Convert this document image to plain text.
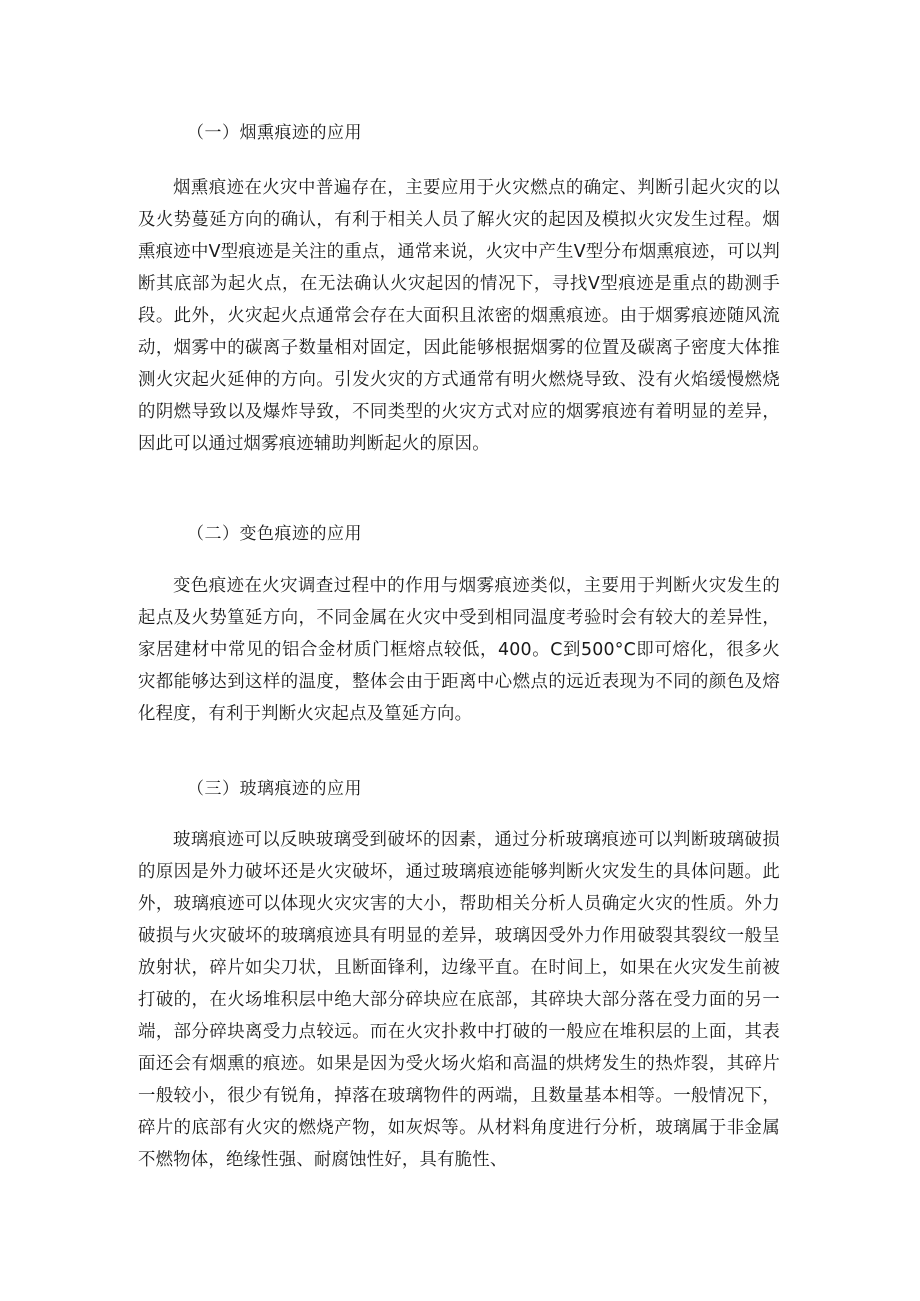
（一）烟熏痕迹的应用

烟熏痕迹在火灾中普遍存在，主要应用于火灾燃点的确定、判断引起火灾的以及火势蔓延方向的确认，有利于相关人员了解火灾的起因及模拟火灾发生过程。烟熏痕迹中V型痕迹是关注的重点，通常来说，火灾中产生V型分布烟熏痕迹，可以判断其底部为起火点，在无法确认火灾起因的情况下，寻找V型痕迹是重点的勘测手段。此外，火灾起火点通常会存在大面积且浓密的烟熏痕迹。由于烟雾痕迹随风流动，烟雾中的碳离子数量相对固定，因此能够根据烟雾的位置及碳离子密度大体推测火灾起火延伸的方向。引发火灾的方式通常有明火燃烧导致、没有火焰缓慢燃烧的阴燃导致以及爆炸导致，不同类型的火灾方式对应的烟雾痕迹有着明显的差异，因此可以通过烟雾痕迹辅助判断起火的原因。

（二）变色痕迹的应用

变色痕迹在火灾调查过程中的作用与烟雾痕迹类似，主要用于判断火灾发生的起点及火势篁延方向，不同金属在火灾中受到相同温度考验时会有较大的差异性，家居建材中常见的铝合金材质门框熔点较低，400。C到500°C即可熔化，很多火灾都能够达到这样的温度，整体会由于距离中心燃点的远近表现为不同的颜色及熔化程度，有利于判断火灾起点及篁延方向。

（三）玻璃痕迹的应用

玻璃痕迹可以反映玻璃受到破坏的因素，通过分析玻璃痕迹可以判断玻璃破损的原因是外力破坏还是火灾破坏，通过玻璃痕迹能够判断火灾发生的具体问题。此外，玻璃痕迹可以体现火灾灾害的大小，帮助相关分析人员确定火灾的性质。外力破损与火灾破坏的玻璃痕迹具有明显的差异，玻璃因受外力作用破裂其裂纹一般呈放射状，碎片如尖刀状，且断面锋利，边缘平直。在时间上，如果在火灾发生前被打破的，在火场堆积层中绝大部分碎块应在底部，其碎块大部分落在受力面的另一端，部分碎块离受力点较远。而在火灾扑救中打破的一般应在堆积层的上面，其表面还会有烟熏的痕迹。如果是因为受火场火焰和高温的烘烤发生的热炸裂，其碎片一般较小，很少有锐角，掉落在玻璃物件的两端，且数量基本相等。一般情况下，碎片的底部有火灾的燃烧产物，如灰烬等。从材料角度进行分析，玻璃属于非金属不燃物体，绝缘性强、耐腐蚀性好，具有脆性、
